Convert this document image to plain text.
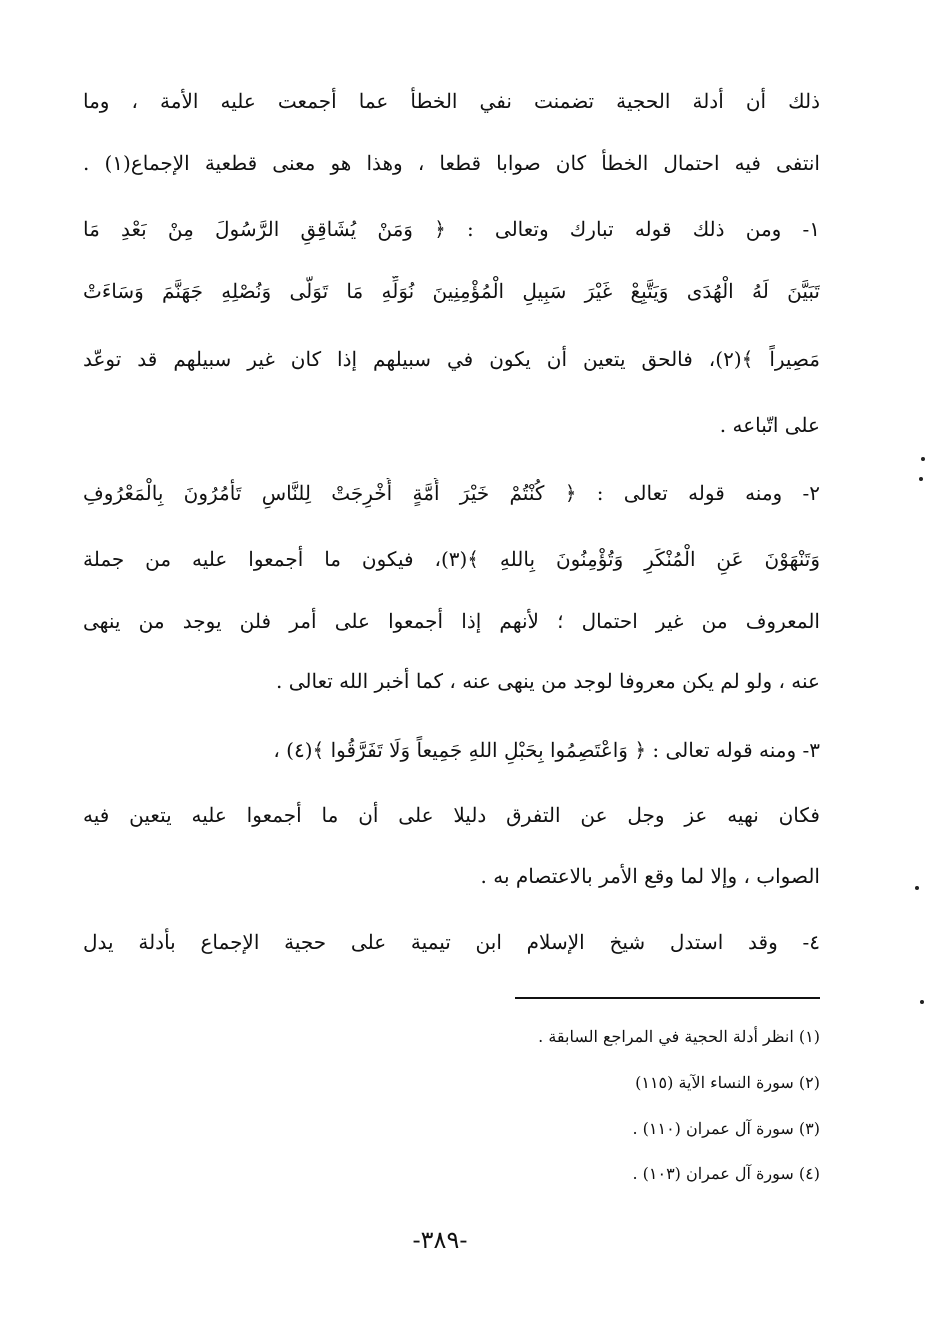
ذلك أن أدلة الحجية تضمنت نفي الخطأ عما أجمعت عليه الأمة ، وما
انتفى فيه احتمال الخطأ كان صوابا قطعا ، وهذا هو معنى قطعية الإجماع(١) .
١- ومن ذلك قوله تبارك وتعالى : ﴿ وَمَنْ يُشَاقِقِ الرَّسُولَ مِنْ بَعْدِ مَا
تَبَيَّنَ لَهُ الْهُدَى وَيَتَّبِعْ غَيْرَ سَبِيلِ الْمُؤْمِنِينَ نُوَلِّهِ مَا تَوَلَّى وَنُصْلِهِ جَهَنَّمَ وَسَاءَتْ
مَصِيراً ﴾(٢)، فالحق يتعين أن يكون في سبيلهم إذا كان غير سبيلهم قد توعّد
على اتّباعه .
٢- ومنه قوله تعالى : ﴿ كُنْتُمْ خَيْرَ أُمَّةٍ أُخْرِجَتْ لِلنَّاسِ تَأْمُرُونَ بِالْمَعْرُوفِ
وَتَنْهَوْنَ عَنِ الْمُنْكَرِ وَتُؤْمِنُونَ بِاللهِ ﴾(٣)، فيكون ما أجمعوا عليه من جملة
المعروف من غير احتمال ؛ لأنهم إذا أجمعوا على أمر فلن يوجد من ينهى
عنه ، ولو لم يكن معروفا لوجد من ينهى عنه ، كما أخبر الله تعالى .
٣- ومنه قوله تعالى : ﴿ وَاعْتَصِمُوا بِحَبْلِ اللهِ جَمِيعاً وَلَا تَفَرَّقُوا ﴾(٤) ،
فكان نهيه عز وجل عن التفرق دليلا على أن ما أجمعوا عليه يتعين فيه
الصواب ، وإلا لما وقع الأمر بالاعتصام به .
٤- وقد استدل شيخ الإسلام ابن تيمية على حجية الإجماع بأدلة يدل
(١) انظر أدلة الحجية في المراجع السابقة .
(٢) سورة النساء الآية (١١٥)
(٣) سورة آل عمران (١١٠) .
(٤) سورة آل عمران (١٠٣) .
-٣٨٩-
